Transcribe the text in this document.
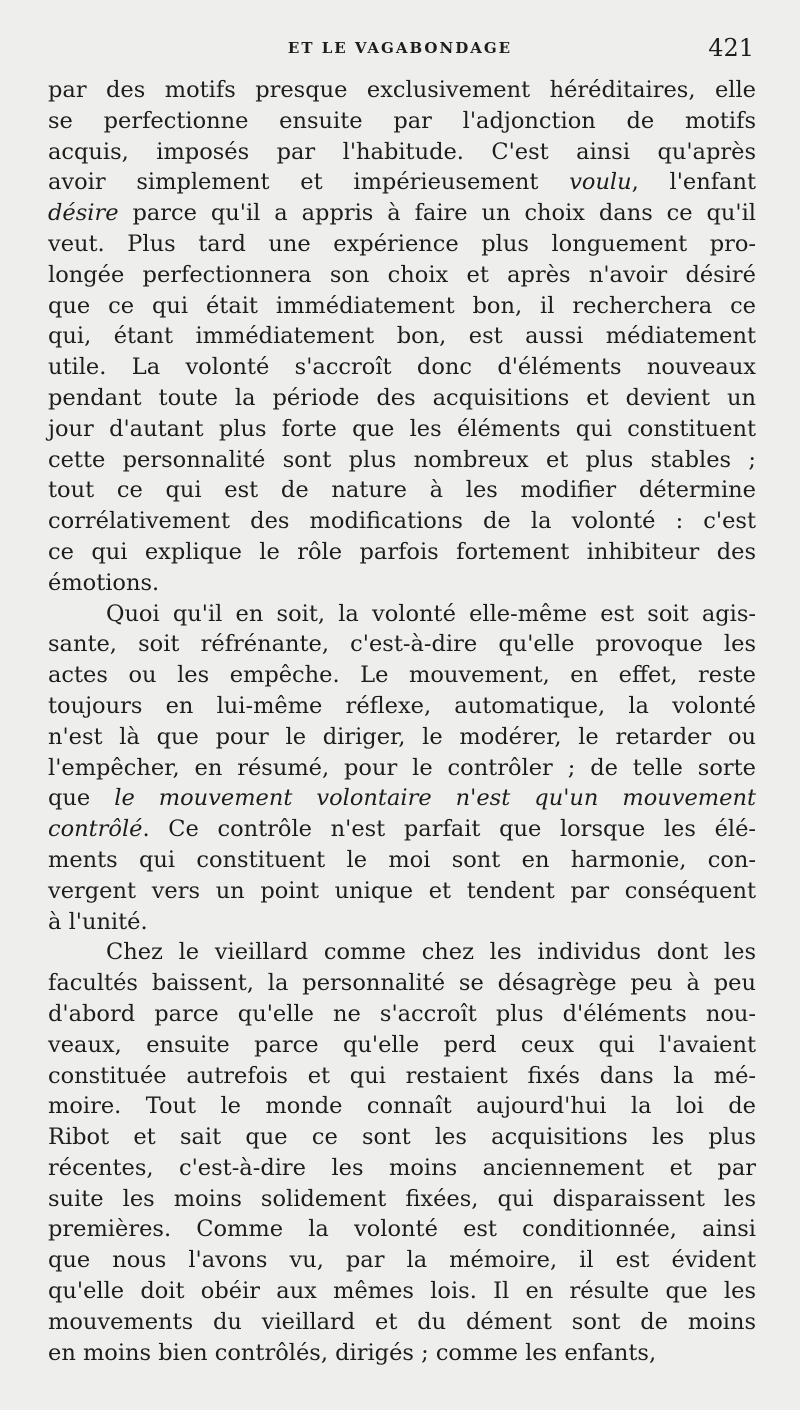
ET LE VAGABONDAGE	421
par des motifs presque exclusivement héréditaires, elle
se perfectionne ensuite par l'adjonction de motifs
acquis, imposés par l'habitude. C'est ainsi qu'après
avoir simplement et impérieusement voulu, l'enfant
désire parce qu'il a appris à faire un choix dans ce qu'il
veut. Plus tard une expérience plus longuement pro-
longée perfectionnera son choix et après n'avoir désiré
que ce qui était immédiatement bon, il recherchera ce
qui, étant immédiatement bon, est aussi médiatement
utile. La volonté s'accroît donc d'éléments nouveaux
pendant toute la période des acquisitions et devient un
jour d'autant plus forte que les éléments qui constituent
cette personnalité sont plus nombreux et plus stables ;
tout ce qui est de nature à les modifier détermine
corrélativement des modifications de la volonté : c'est
ce qui explique le rôle parfois fortement inhibiteur des
émotions.
Quoi qu'il en soit, la volonté elle-même est soit agis-
sante, soit réfrénante, c'est-à-dire qu'elle provoque les
actes ou les empêche. Le mouvement, en effet, reste
toujours en lui-même réflexe, automatique, la volonté
n'est là que pour le diriger, le modérer, le retarder ou
l'empêcher, en résumé, pour le contrôler ; de telle sorte
que le mouvement volontaire n'est qu'un mouvement
contrôlé. Ce contrôle n'est parfait que lorsque les élé-
ments qui constituent le moi sont en harmonie, con-
vergent vers un point unique et tendent par conséquent
à l'unité.
Chez le vieillard comme chez les individus dont les
facultés baissent, la personnalité se désagrège peu à peu
d'abord parce qu'elle ne s'accroît plus d'éléments nou-
veaux, ensuite parce qu'elle perd ceux qui l'avaient
constituée autrefois et qui restaient fixés dans la mé-
moire. Tout le monde connaît aujourd'hui la loi de
Ribot et sait que ce sont les acquisitions les plus
récentes, c'est-à-dire les moins anciennement et par
suite les moins solidement fixées, qui disparaissent les
premières. Comme la volonté est conditionnée, ainsi
que nous l'avons vu, par la mémoire, il est évident
qu'elle doit obéir aux mêmes lois. Il en résulte que les
mouvements du vieillard et du dément sont de moins
en moins bien contrôlés, dirigés ; comme les enfants,
